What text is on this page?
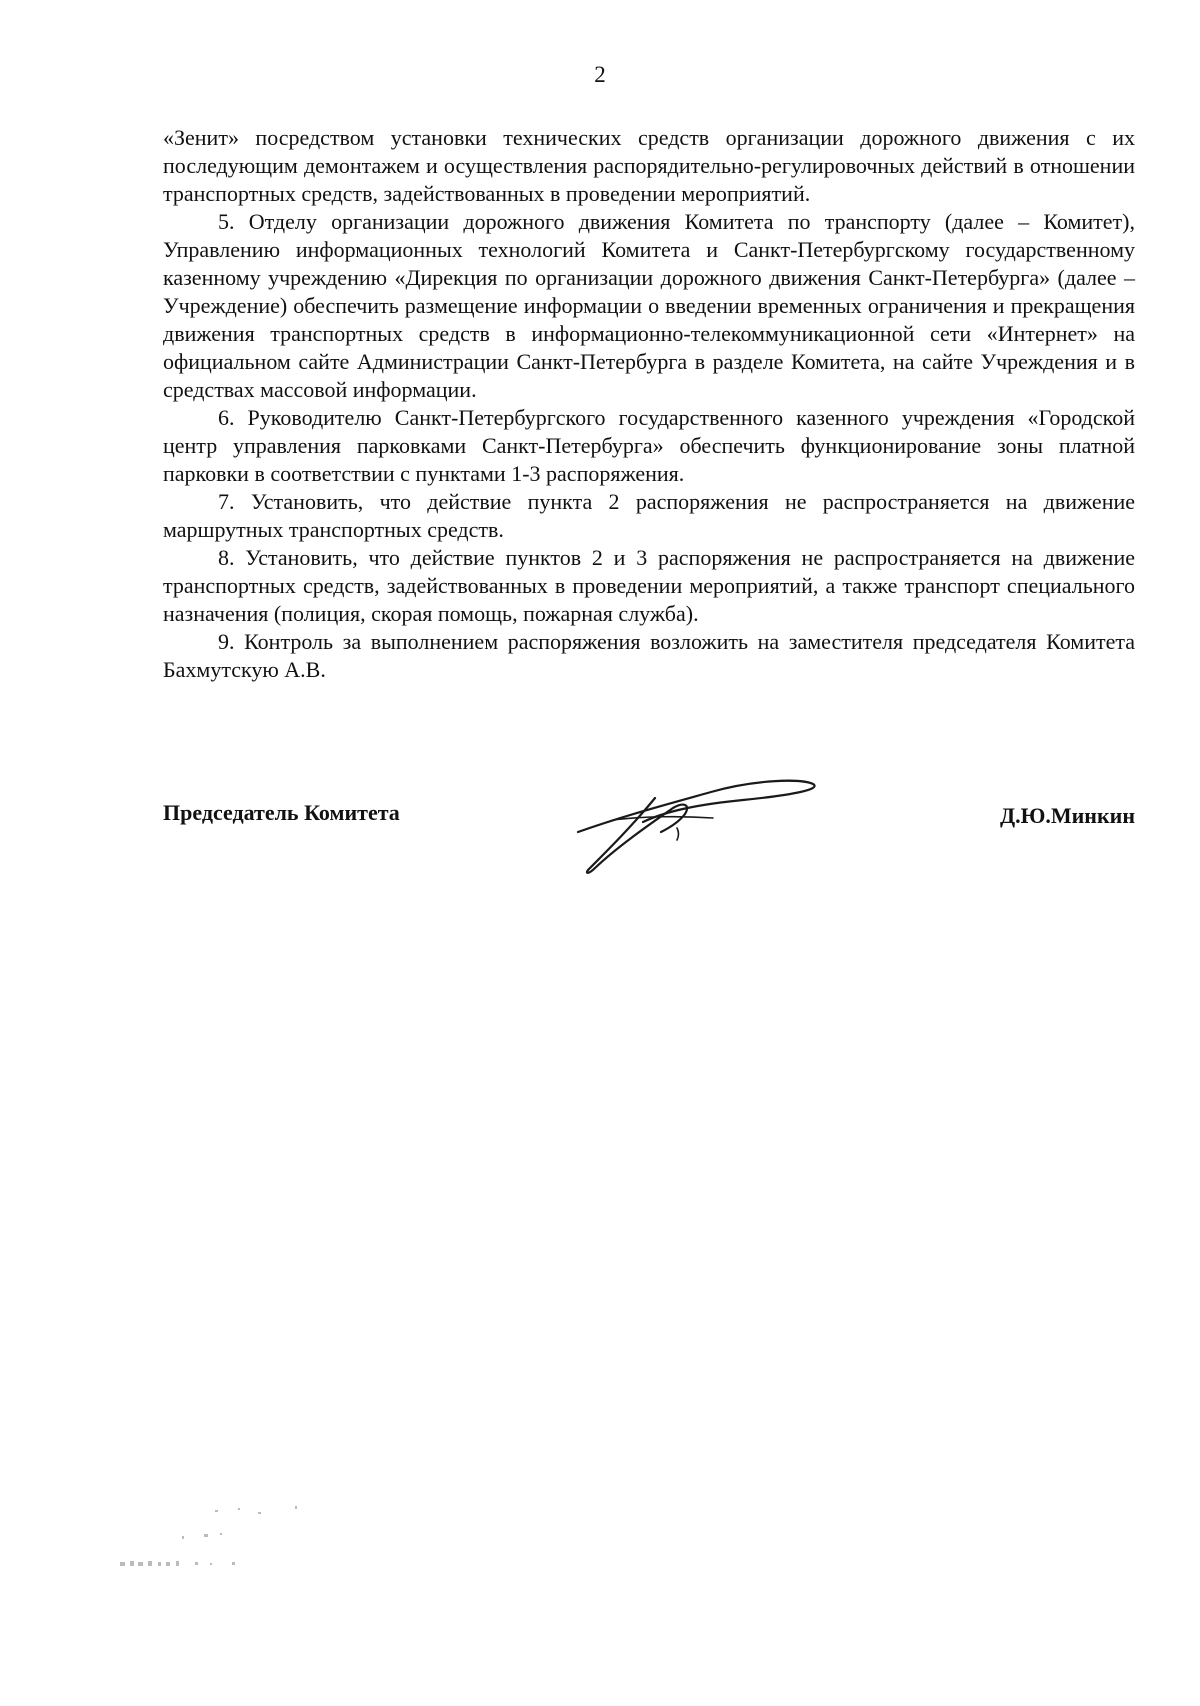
2

«Зенит» посредством установки технических средств организации дорожного движения с их последующим демонтажем и осуществления распорядительно-регулировочных действий в отношении транспортных средств, задействованных в проведении мероприятий.

5. Отделу организации дорожного движения Комитета по транспорту (далее – Комитет), Управлению информационных технологий Комитета и Санкт-Петербургскому государственному казенному учреждению «Дирекция по организации дорожного движения Санкт-Петербурга» (далее – Учреждение) обеспечить размещение информации о введении временных ограничения и прекращения движения транспортных средств в информационно-телекоммуникационной сети «Интернет» на официальном сайте Администрации Санкт-Петербурга в разделе Комитета, на сайте Учреждения и в средствах массовой информации.

6. Руководителю Санкт-Петербургского государственного казенного учреждения «Городской центр управления парковками Санкт-Петербурга» обеспечить функционирование зоны платной парковки в соответствии с пунктами 1-3 распоряжения.

7. Установить, что действие пункта 2 распоряжения не распространяется на движение маршрутных транспортных средств.

8. Установить, что действие пунктов 2 и 3 распоряжения не распространяется на движение транспортных средств, задействованных в проведении мероприятий, а также транспорт специального назначения (полиция, скорая помощь, пожарная служба).

9. Контроль за выполнением распоряжения возложить на заместителя председателя Комитета Бахмутскую А.В.

Председатель Комитета	Д.Ю.Минкин
